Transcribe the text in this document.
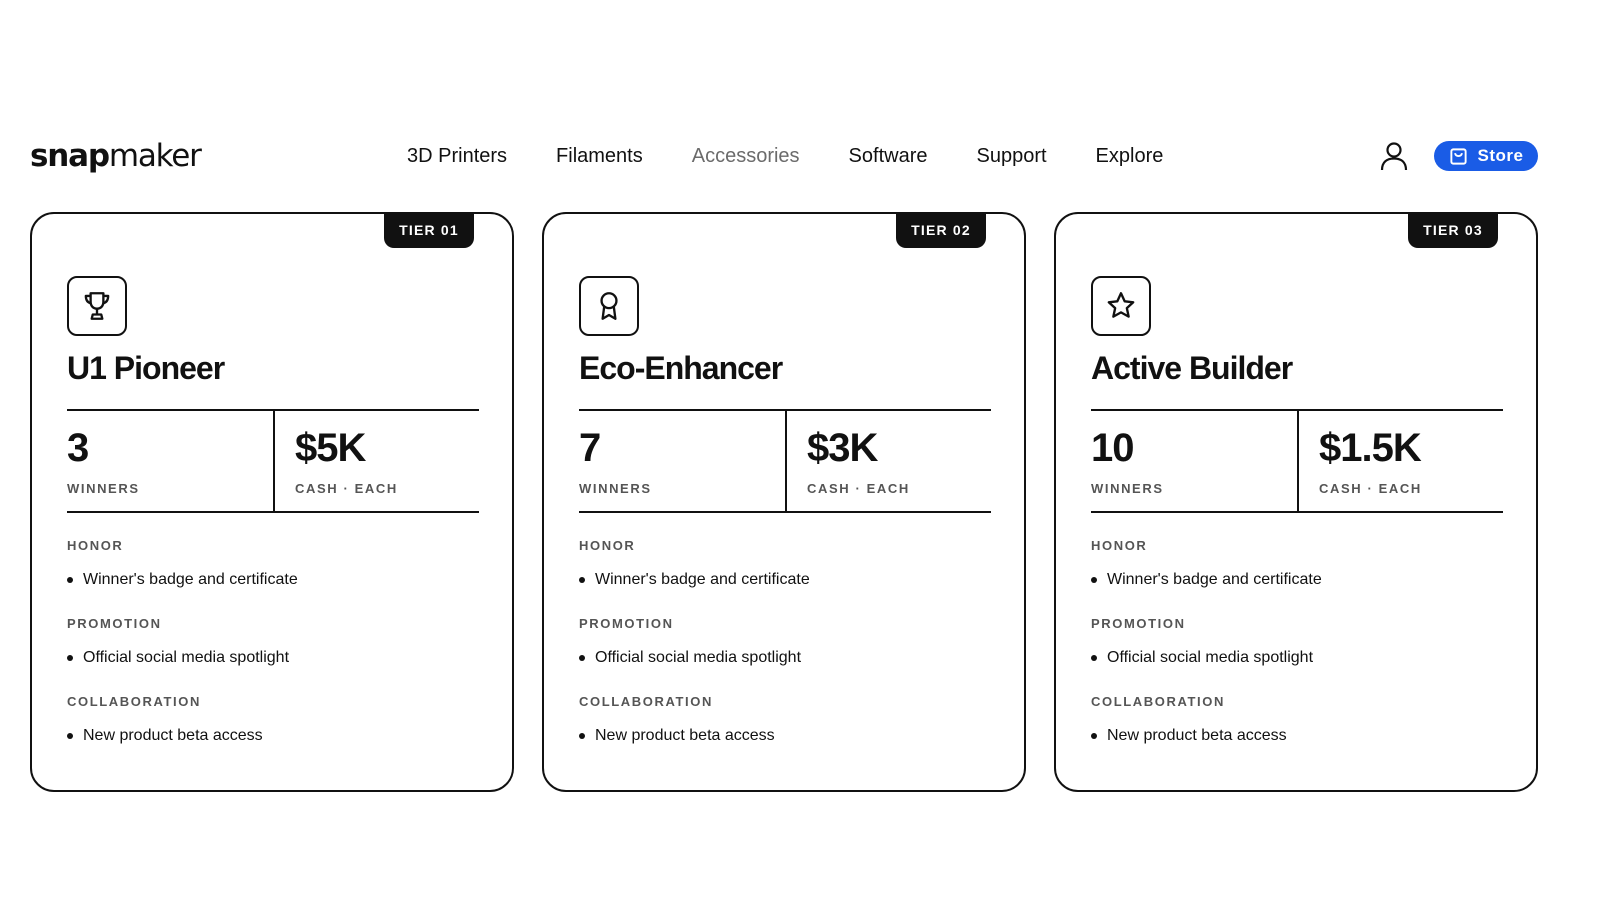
snapmaker	3D Printers Filaments Accessories Software Support Explore	Store
TIER 01
U1 Pioneer
3
WINNERS
$5K
CASH · EACH
HONOR
Winner's badge and certificate
PROMOTION
Official social media spotlight
COLLABORATION
New product beta access
TIER 02
Eco-Enhancer
7
WINNERS
$3K
CASH · EACH
HONOR
Winner's badge and certificate
PROMOTION
Official social media spotlight
COLLABORATION
New product beta access
TIER 03
Active Builder
10
WINNERS
$1.5K
CASH · EACH
HONOR
Winner's badge and certificate
PROMOTION
Official social media spotlight
COLLABORATION
New product beta access
